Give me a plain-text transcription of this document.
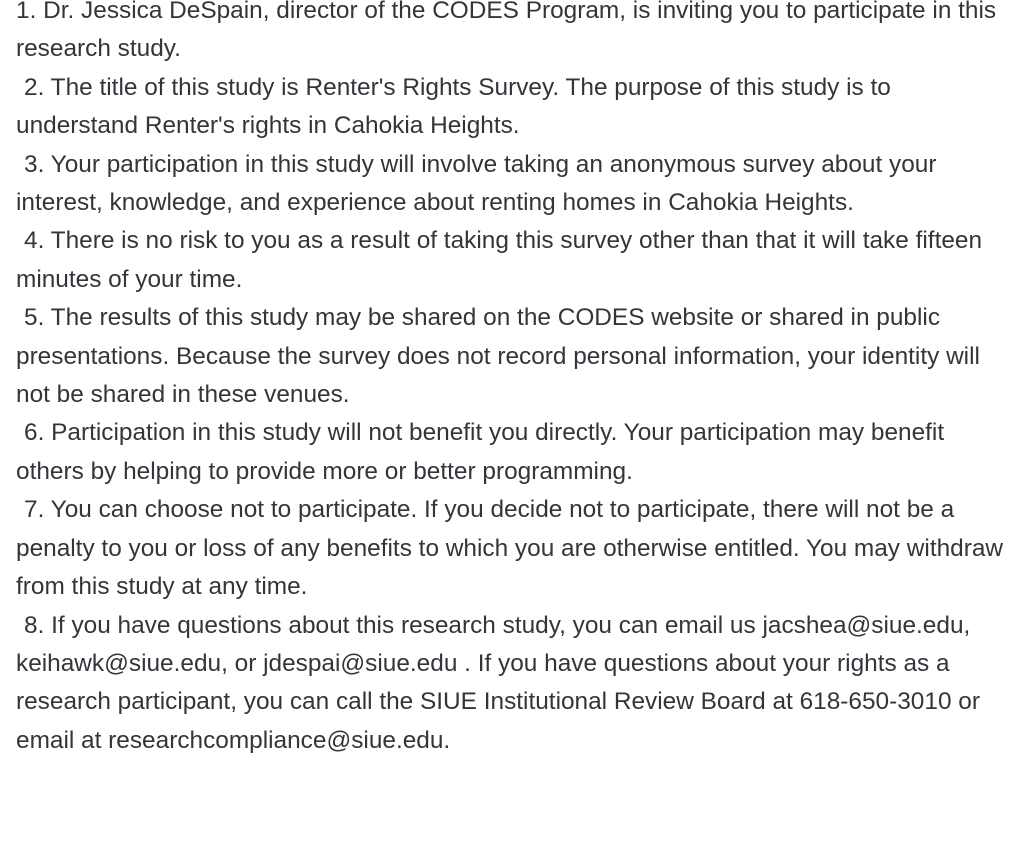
1. Dr. Jessica DeSpain, director of the CODES Program, is inviting you to participate in this research study.

2. The title of this study is Renter's Rights Survey. The purpose of this study is to understand Renter's rights in Cahokia Heights.

3. Your participation in this study will involve taking an anonymous survey about your interest, knowledge, and experience about renting homes in Cahokia Heights.

4. There is no risk to you as a result of taking this survey other than that it will take fifteen minutes of your time.

5. The results of this study may be shared on the CODES website or shared in public presentations. Because the survey does not record personal information, your identity will not be shared in these venues.

6. Participation in this study will not benefit you directly. Your participation may benefit others by helping to provide more or better programming.

7. You can choose not to participate. If you decide not to participate, there will not be a penalty to you or loss of any benefits to which you are otherwise entitled. You may withdraw from this study at any time.

8. If you have questions about this research study, you can email us jacshea@siue.edu, keihawk@siue.edu, or jdespai@siue.edu . If you have questions about your rights as a research participant, you can call the SIUE Institutional Review Board at 618-650-3010 or email at researchcompliance@siue.edu.
